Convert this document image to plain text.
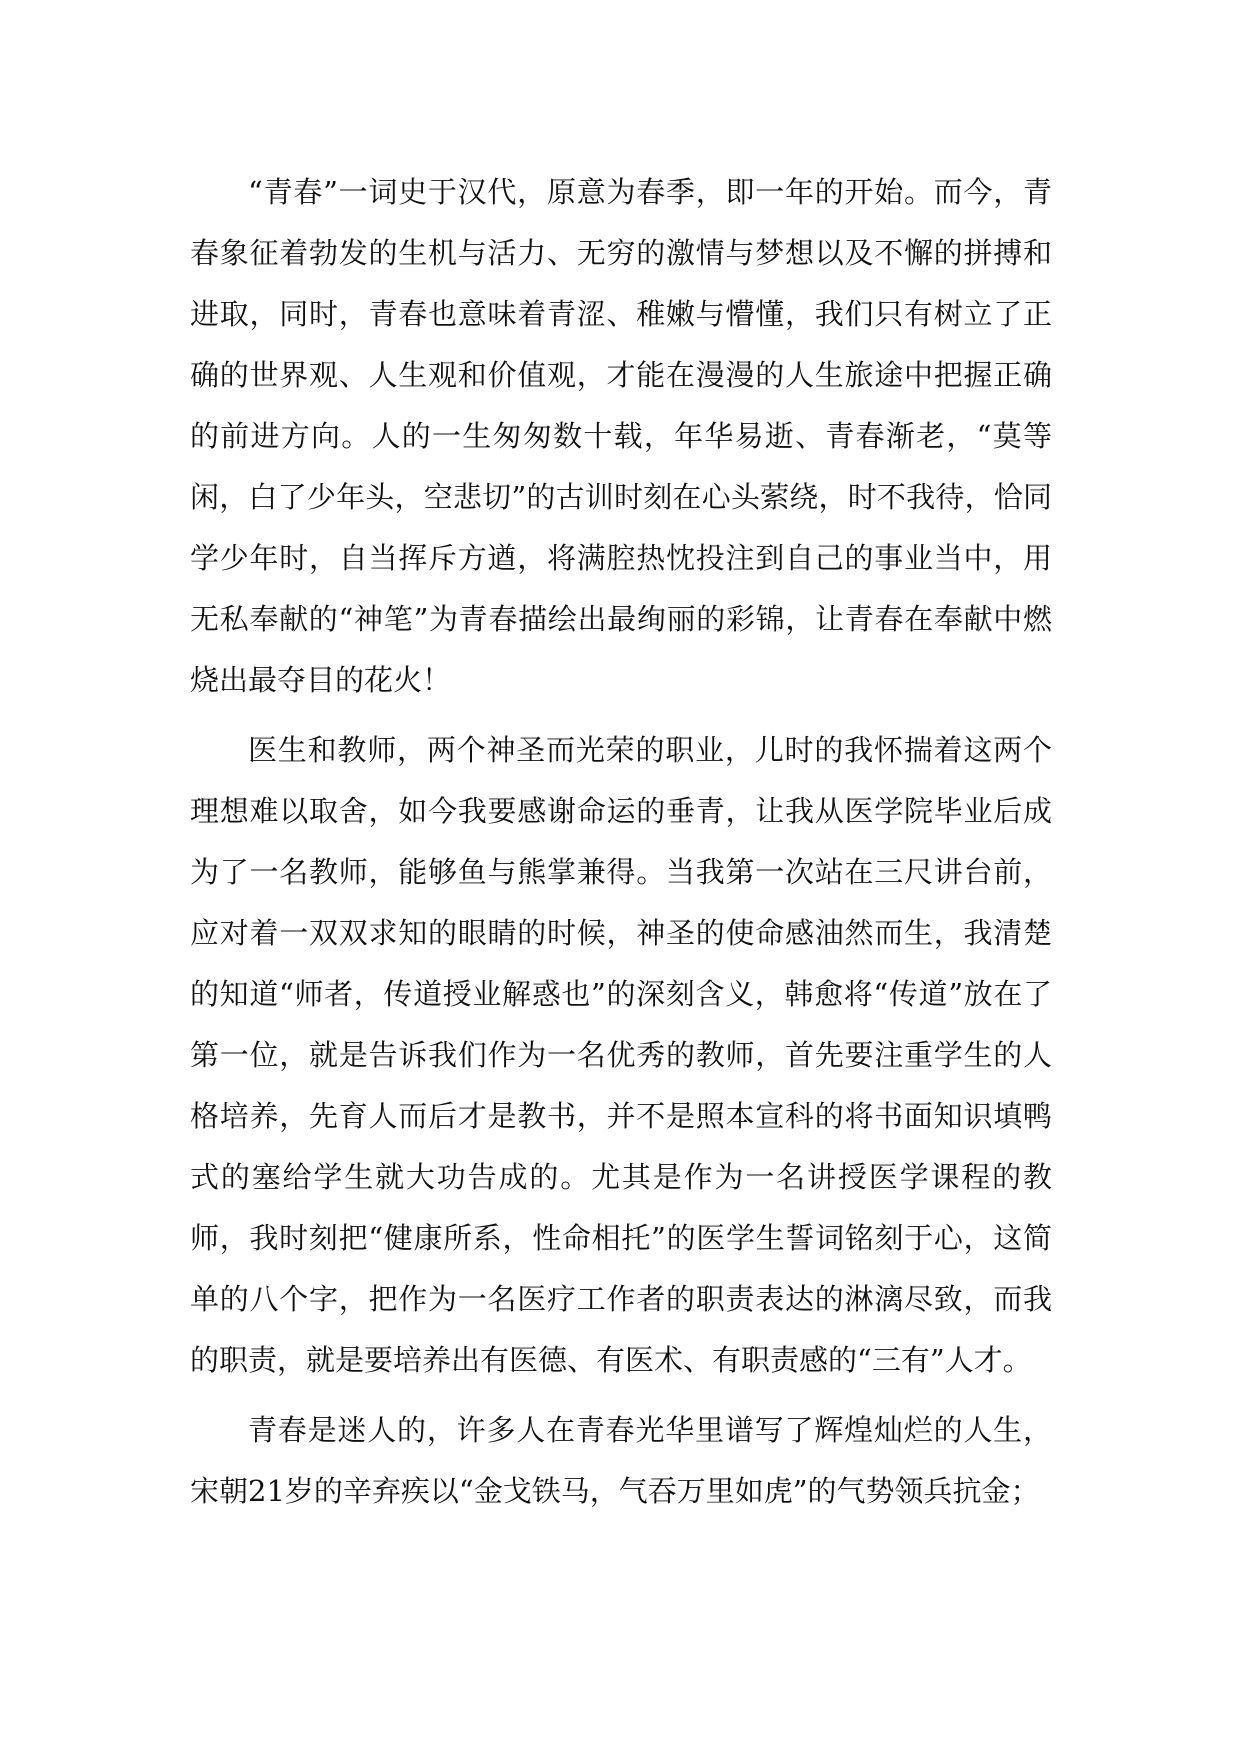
“青春”一词史于汉代，原意为春季，即一年的开始。而今，青春象征着勃发的生机与活力、无穷的激情与梦想以及不懈的拼搏和进取，同时，青春也意味着青涩、稚嫩与懵懂，我们只有树立了正确的世界观、人生观和价值观，才能在漫漫的人生旅途中把握正确的前进方向。人的一生匆匆数十载，年华易逝、青春渐老，“莫等闲，白了少年头，空悲切”的古训时刻在心头萦绕，时不我待，恰同学少年时，自当挥斥方遒，将满腔热忱投注到自己的事业当中，用无私奉献的“神笔”为青春描绘出最绚丽的彩锦，让青春在奉献中燃烧出最夺目的花火！

医生和教师，两个神圣而光荣的职业，儿时的我怀揣着这两个理想难以取舍，如今我要感谢命运的垂青，让我从医学院毕业后成为了一名教师，能够鱼与熊掌兼得。当我第一次站在三尺讲台前，应对着一双双求知的眼睛的时候，神圣的使命感油然而生，我清楚的知道“师者，传道授业解惑也”的深刻含义，韩愈将“传道”放在了第一位，就是告诉我们作为一名优秀的教师，首先要注重学生的人格培养，先育人而后才是教书，并不是照本宣科的将书面知识填鸭式的塞给学生就大功告成的。尤其是作为一名讲授医学课程的教师，我时刻把“健康所系，性命相托”的医学生誓词铭刻于心，这简单的八个字，把作为一名医疗工作者的职责表达的淋漓尽致，而我的职责，就是要培养出有医德、有医术、有职责感的“三有”人才。

青春是迷人的，许多人在青春光华里谱写了辉煌灿烂的人生，宋朝21岁的辛弃疾以“金戈铁马，气吞万里如虎”的气势领兵抗金；
